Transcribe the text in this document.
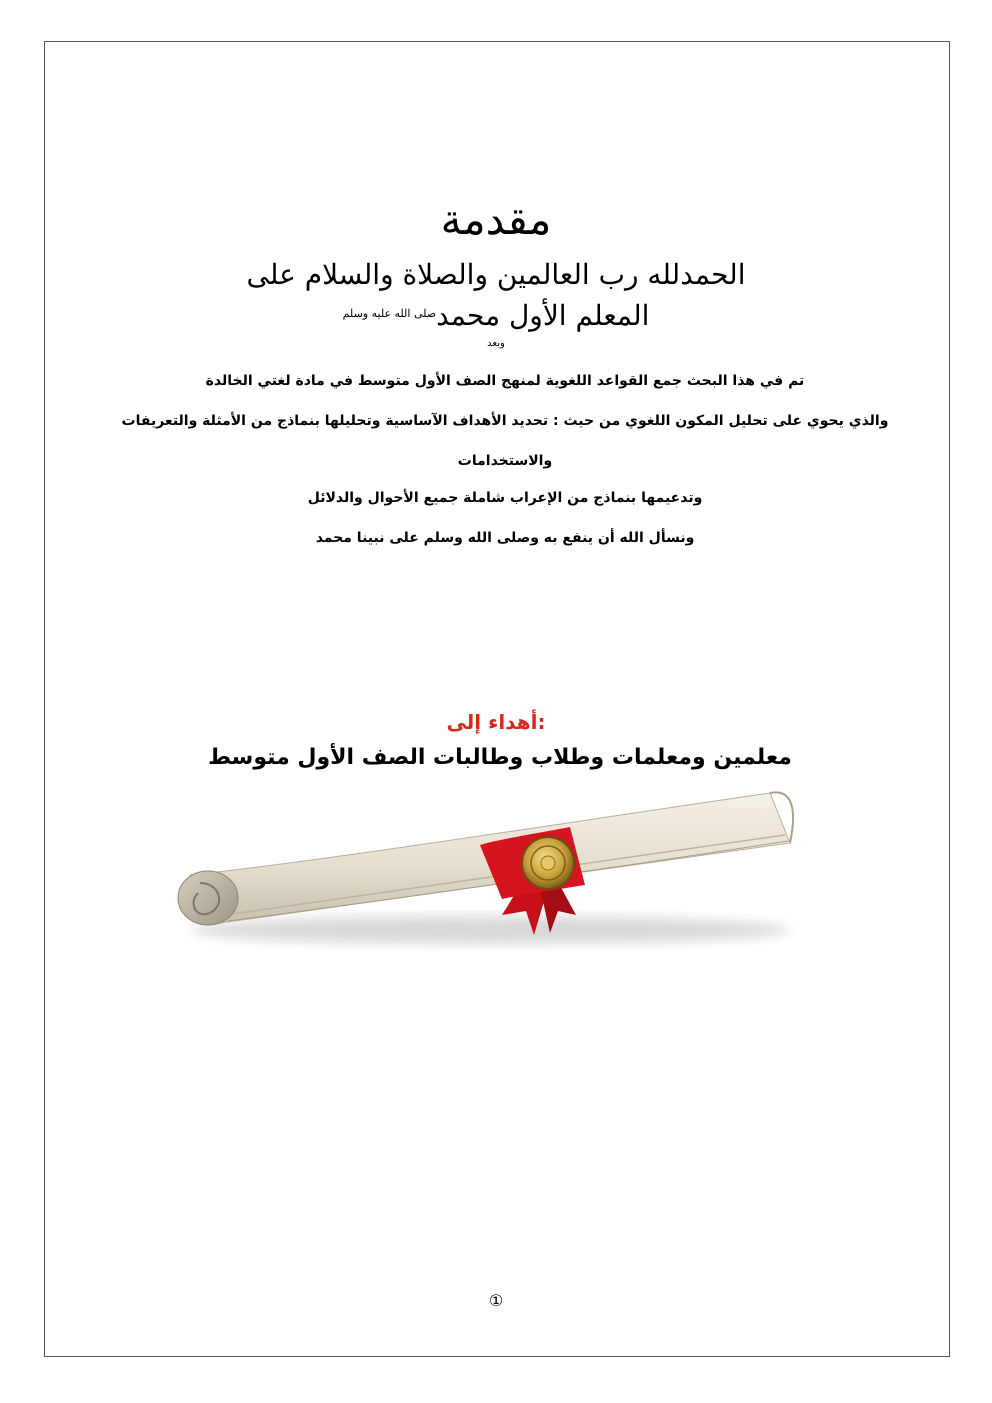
مقدمة
الحمدلله رب العالمين والصلاة والسلام على
المعلم الأول محمد$^{صلى الله عليه وسلم}$
وبعد
تم في هذا البحث جمع القواعد اللغوية لمنهج الصف الأول متوسط في مادة لغتي الخالدة
والذي يحوي على تحليل المكون اللغوي من حيث : تحديد الأهداف الآساسية وتحليلها بنماذج من الأمثلة والتعريفات
والاستخدامات
وتدعيمها بنماذج من الإعراب شاملة جميع الأحوال والدلائل
ونسأل الله أن ينفع به وصلى الله وسلم على نبينا محمد
:أهداء إلى
معلمين ومعلمات وطلاب وطالبات الصف الأول متوسط
①
